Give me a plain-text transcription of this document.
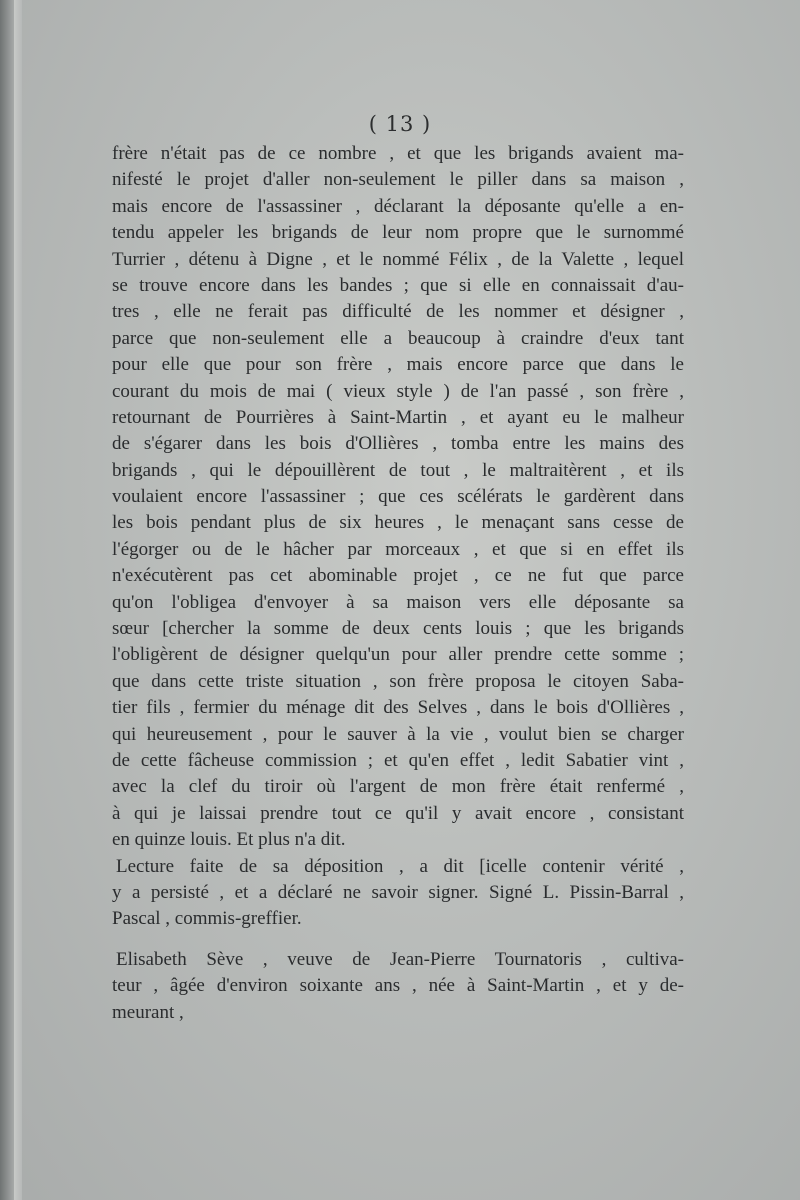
( 13 )
frère n'était pas de ce nombre , et que les brigands avaient ma-
nifesté le projet d'aller non-seulement le piller dans sa maison ,
mais encore de l'assassiner , déclarant la déposante qu'elle a en-
tendu appeler les brigands de leur nom propre que le surnommé
Turrier , détenu à Digne , et le nommé Félix , de la Valette , lequel
se trouve encore dans les bandes ; que si elle en connaissait d'au-
tres , elle ne ferait pas difficulté de les nommer et désigner ,
parce que non-seulement elle a beaucoup à craindre d'eux tant
pour elle que pour son frère , mais encore parce que dans le
courant du mois de mai ( vieux style ) de l'an passé , son frère ,
retournant de Pourrières à Saint-Martin , et ayant eu le malheur
de s'égarer dans les bois d'Ollières , tomba entre les mains des
brigands , qui le dépouillèrent de tout , le maltraitèrent , et ils
voulaient encore l'assassiner ; que ces scélérats le gardèrent dans
les bois pendant plus de six heures , le menaçant sans cesse de
l'égorger ou de le hâcher par morceaux , et que si en effet ils
n'exécutèrent pas cet abominable projet , ce ne fut que parce
qu'on l'obligea d'envoyer à sa maison vers elle déposante sa
sœur [chercher la somme de deux cents louis ; que les brigands
l'obligèrent de désigner quelqu'un pour aller prendre cette somme ;
que dans cette triste situation , son frère proposa le citoyen Saba-
tier fils , fermier du ménage dit des Selves , dans le bois d'Ollières ,
qui heureusement , pour le sauver à la vie , voulut bien se charger
de cette fâcheuse commission ; et qu'en effet , ledit Sabatier vint ,
avec la clef du tiroir où l'argent de mon frère était renfermé ,
à qui je laissai prendre tout ce qu'il y avait encore , consistant
en quinze louis. Et plus n'a dit.
Lecture faite de sa déposition , a dit [icelle contenir vérité ,
y a persisté , et a déclaré ne savoir signer. Signé L. Pissin-Barral ,
Pascal , commis-greffier.
Elisabeth Sève , veuve de Jean-Pierre Tournatoris , cultiva-
teur , âgée d'environ soixante ans , née à Saint-Martin , et y de-
meurant ,
